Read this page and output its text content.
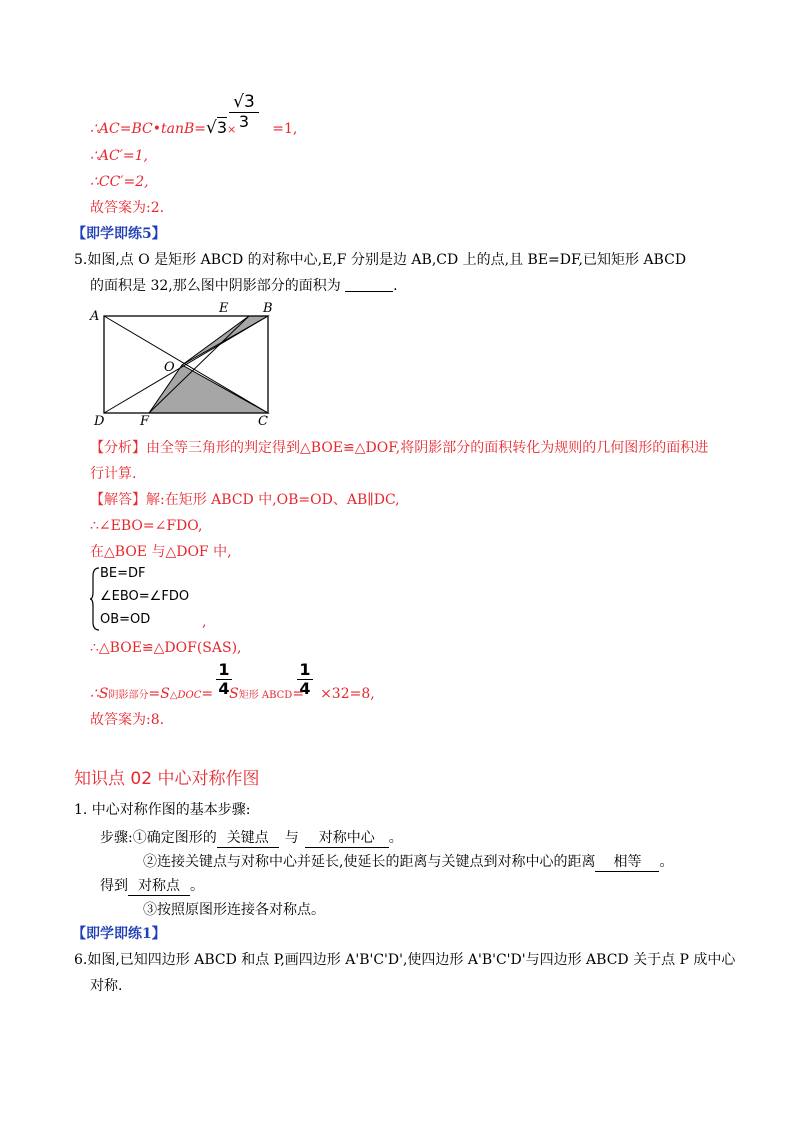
√3
3
∴AC=BC•tanB=√3×	=1,
∴AC′=1,
∴CC′=2,
故答案为:2.
【即学即练5】
5.如图,点 O 是矩形 ABCD 的对称中心,E,F 分别是边 AB,CD 上的点,且 BE=DF,已知矩形 ABCD
的面积是 32,那么图中阴影部分的面积为	.
A
B
E
O
D	F	C
【分析】由全等三角形的判定得到△BOE≌△DOF,将阴影部分的面积转化为规则的几何图形的面积进
行计算.
【解答】解:在矩形 ABCD 中,OB=OD、AB∥DC,
∴∠EBO=∠FDO,
在△BOE 与△DOF 中,
BE=DF
∠EBO=∠FDO
OB=OD	,
∴△BOE≌△DOF(SAS),
1
4
1
4
∴S阴影部分=S△DOC= S矩形 ABCD= ×32=8,
故答案为:8.
知识点 02 中心对称作图
1. 中心对称作图的基本步骤:
步骤:①确定图形的 关键点 与 对称中心 。
②连接关键点与对称中心并延长,使延长的距离与关键点到对称中心的距离 相等 。
得到 对称点 。
③按照原图形连接各对称点。
【即学即练1】
6.如图,已知四边形 ABCD 和点 P,画四边形 A'B'C'D',使四边形 A'B'C'D'与四边形 ABCD 关于点 P 成中心
对称.
